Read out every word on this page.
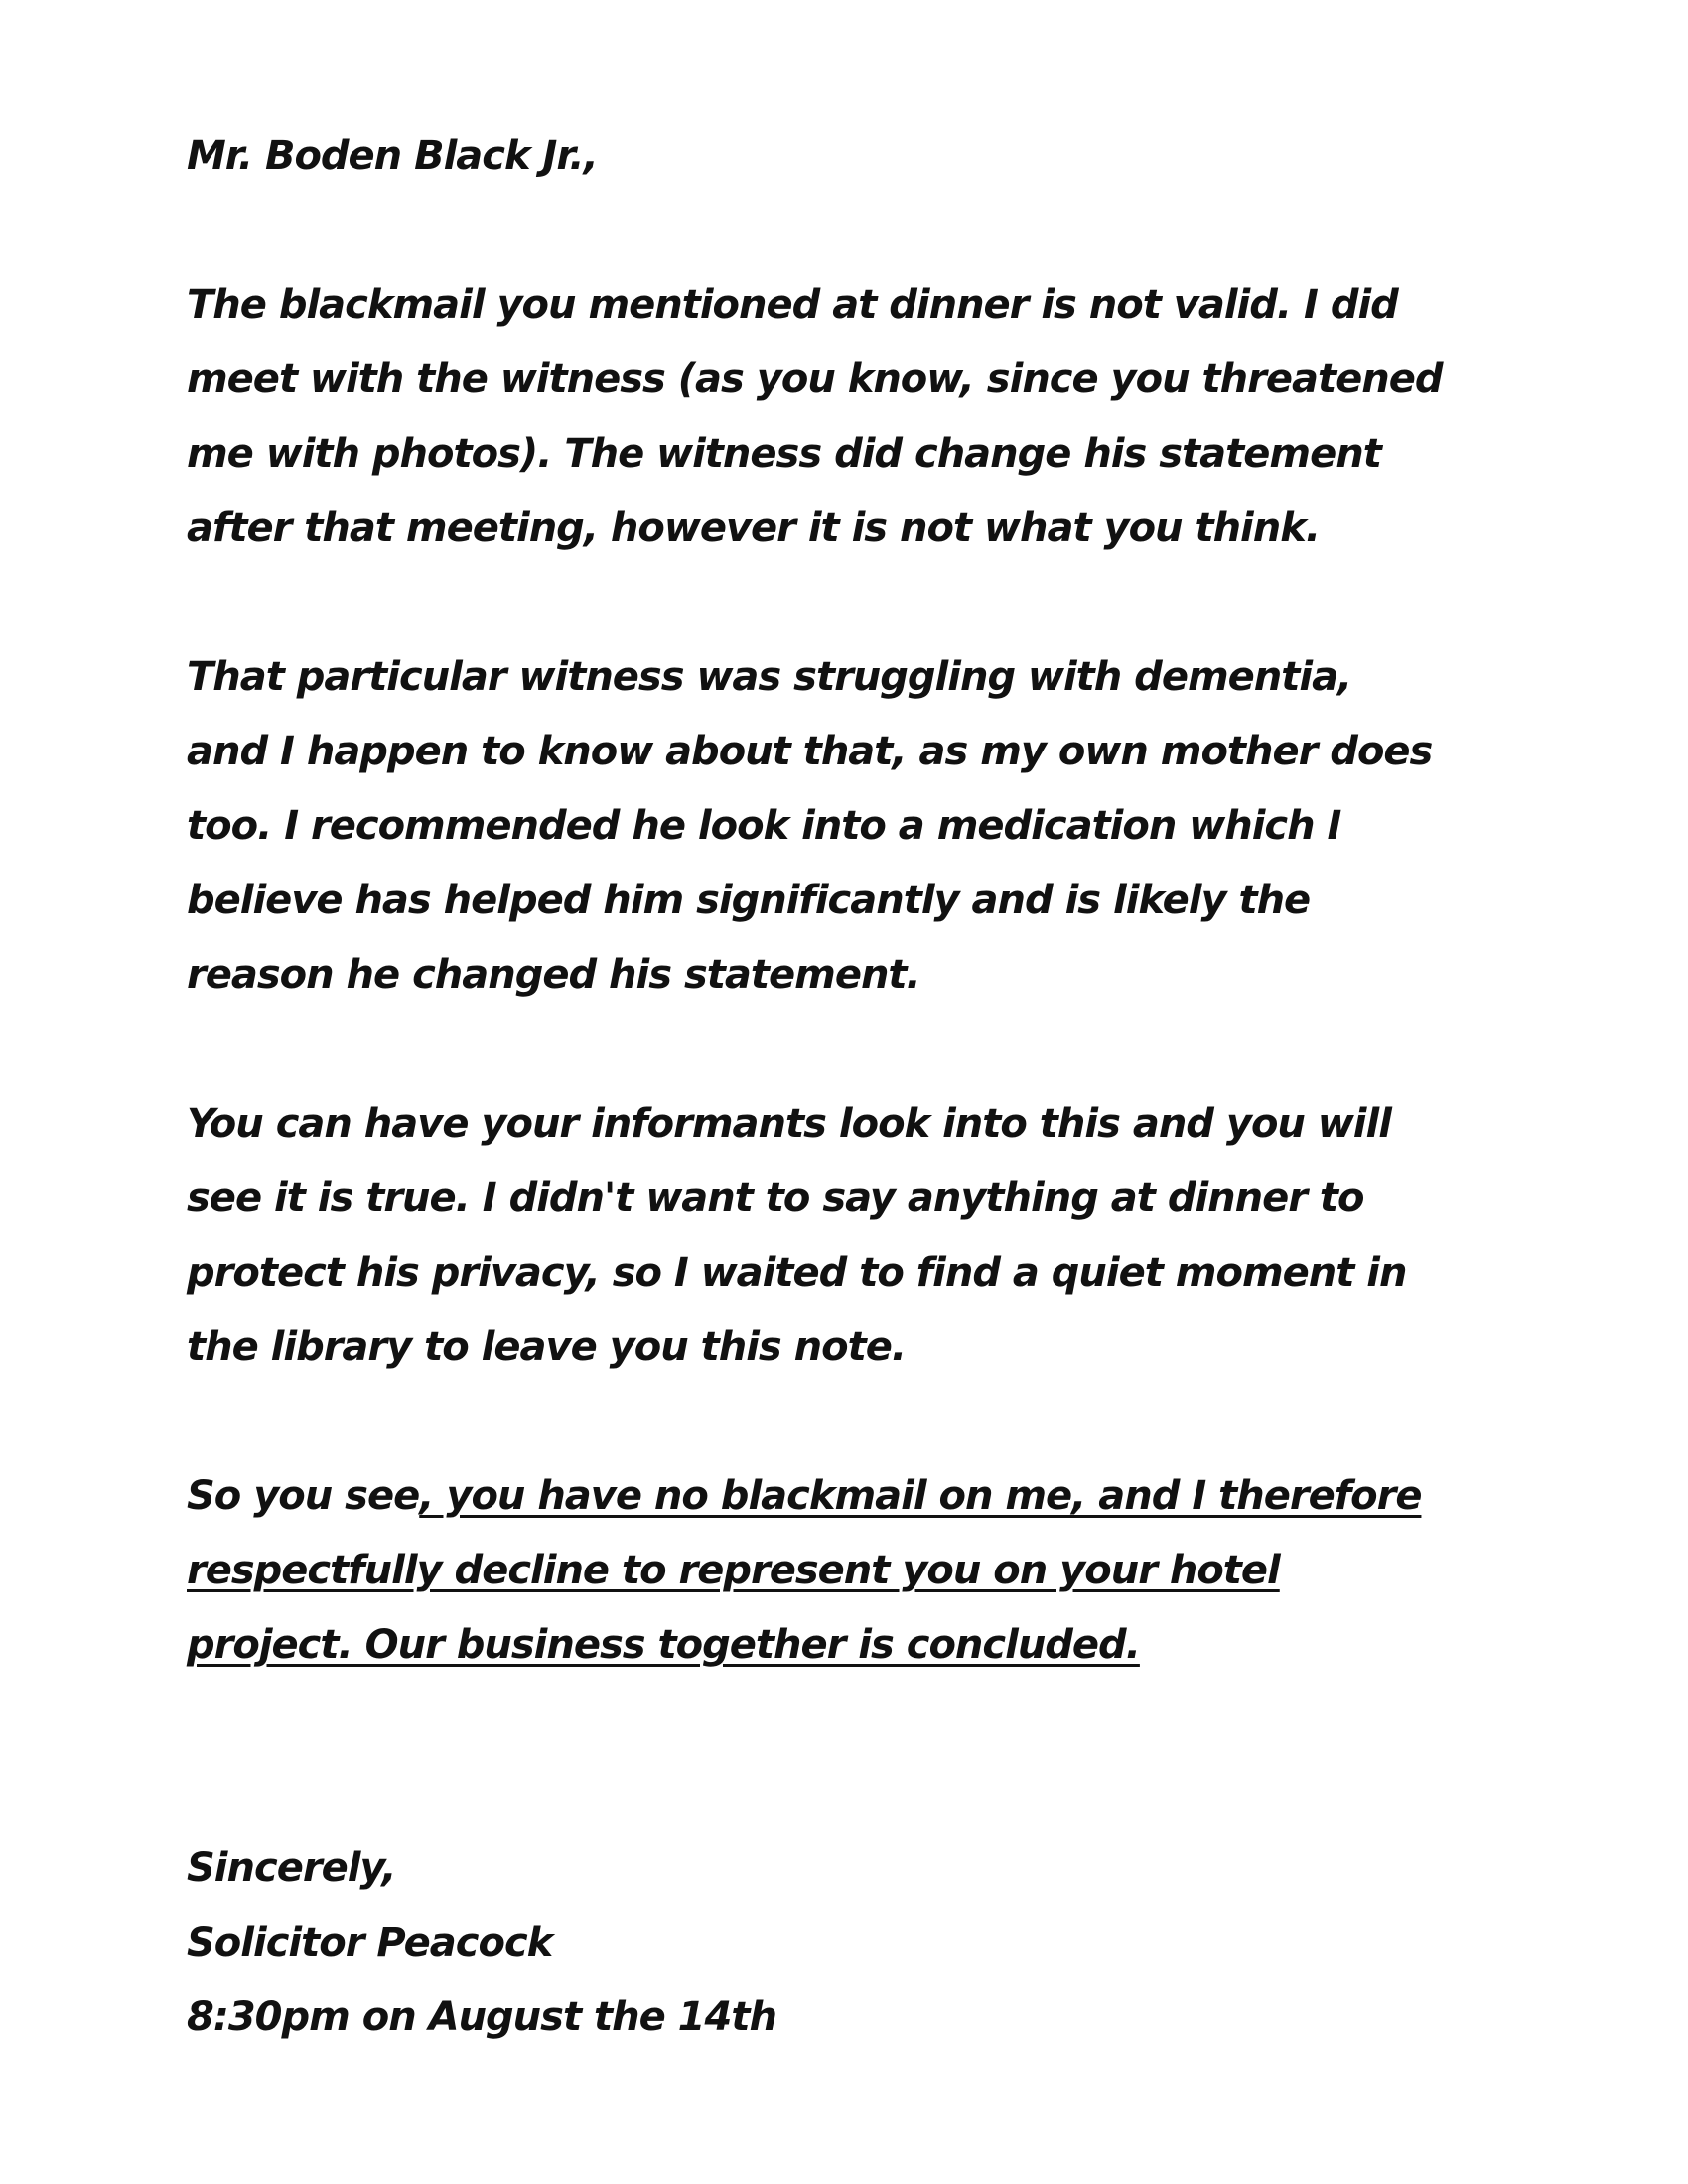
Mr. Boden Black Jr.,
The blackmail you mentioned at dinner is not valid. I did
meet with the witness (as you know, since you threatened
me with photos). The witness did change his statement
after that meeting, however it is not what you think.
That particular witness was struggling with dementia,
and I happen to know about that, as my own mother does
too. I recommended he look into a medication which I
believe has helped him significantly and is likely the
reason he changed his statement.
You can have your informants look into this and you will
see it is true. I didn't want to say anything at dinner to
protect his privacy, so I waited to find a quiet moment in
the library to leave you this note.
So you see, you have no blackmail on me, and I therefore
respectfully decline to represent you on your hotel
project. Our business together is concluded.
Sincerely,
Solicitor Peacock
8:30pm on August the 14th
